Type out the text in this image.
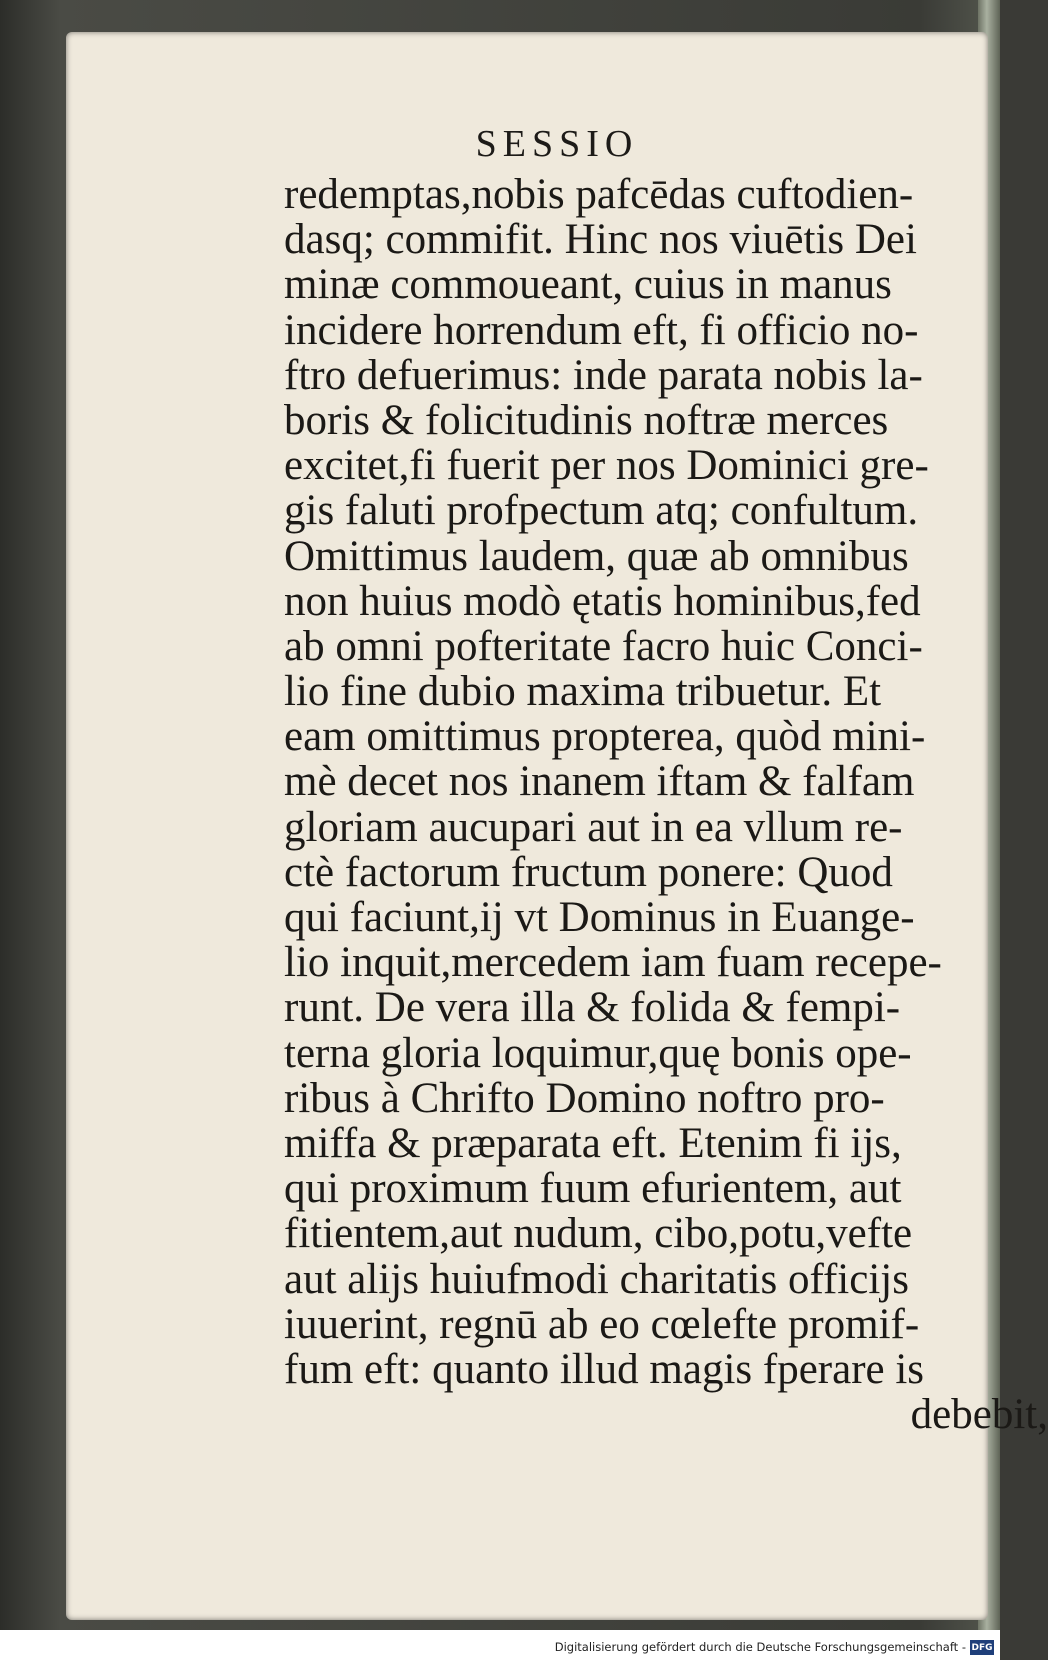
SESSIO
redemptas,nobis pafcēdas cuftodien-
dasq; commifit. Hinc nos viuētis Dei
minæ commoueant, cuius in manus
incidere horrendum eft, fi officio no-
ftro defuerimus: inde parata nobis la-
boris & folicitudinis noftræ merces
excitet,fi fuerit per nos Dominici gre-
gis faluti profpectum atq; confultum.
Omittimus laudem, quæ ab omnibus
non huius modò ętatis hominibus,fed
ab omni pofteritate facro huic Conci-
lio fine dubio maxima tribuetur. Et
eam omittimus propterea, quòd mini-
mè decet nos inanem iftam & falfam
gloriam aucupari aut in ea vllum re-
ctè factorum fructum ponere: Quod
qui faciunt,ij vt Dominus in Euange-
lio inquit,mercedem iam fuam recepe-
runt. De vera illa & folida & fempi-
terna gloria loquimur,quę bonis ope-
ribus à Chrifto Domino noftro pro-
miffa & præparata eft. Etenim fi ijs,
qui proximum fuum efurientem, aut
fitientem,aut nudum, cibo,potu,vefte
aut alijs huiufmodi charitatis officijs
iuuerint, regnū ab eo cœlefte promif-
fum eft: quanto illud magis fperare is
debebit,
Digitalisierung gefördert durch die Deutsche Forschungsgemeinschaft - DFG
